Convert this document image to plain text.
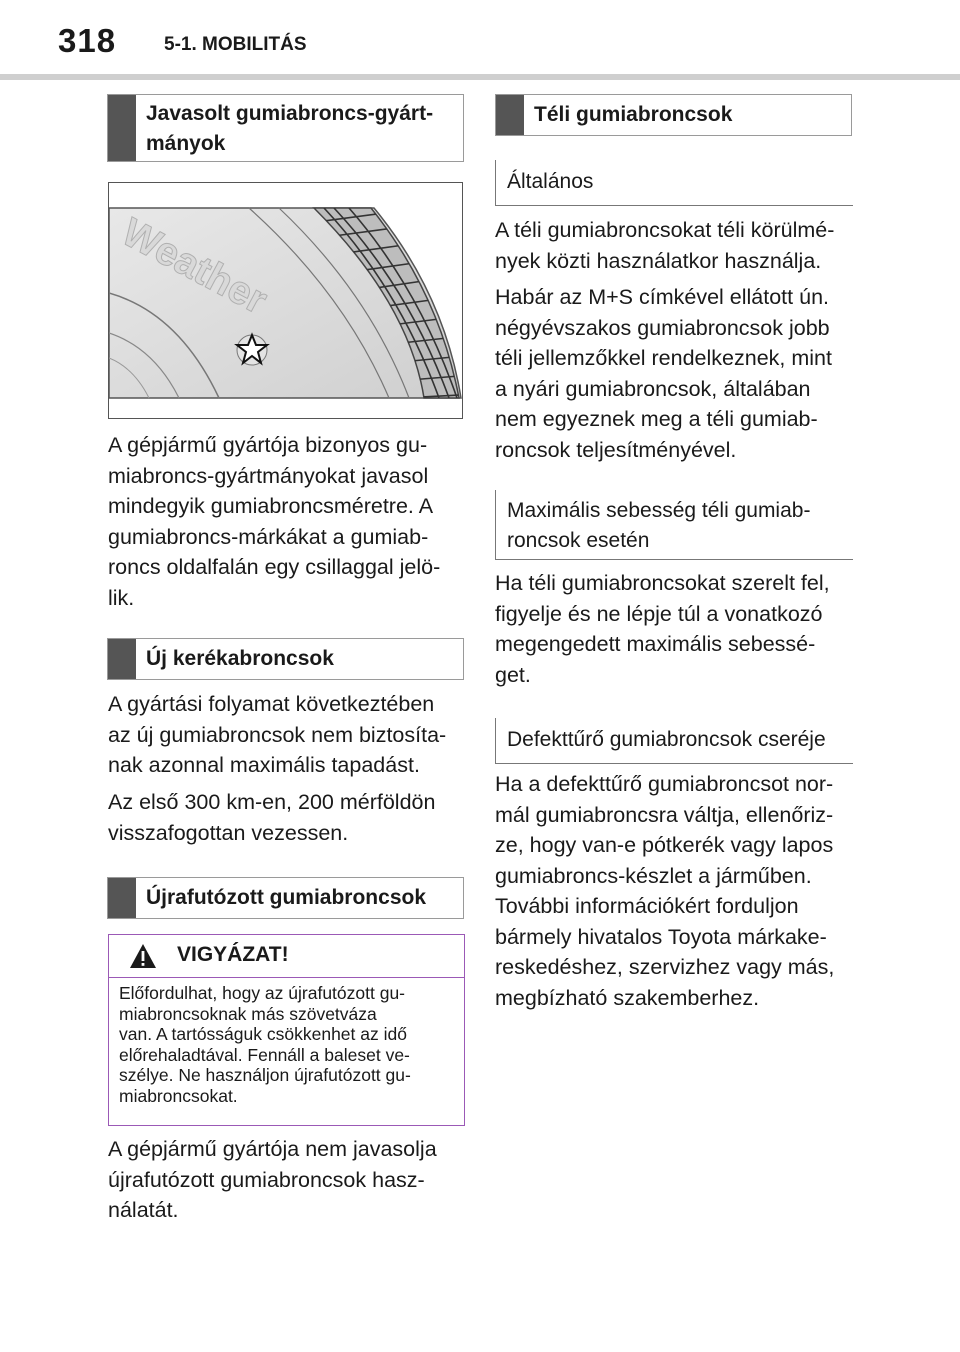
318	5-1. MOBILITÁS
Javasolt gumiabroncs-gyárt-
mányok
Weather
A gépjármű gyártója bizonyos gu-
miabroncs-gyártmányokat javasol
mindegyik gumiabroncsméretre. A
gumiabroncs-márkákat a gumiab-
roncs oldalfalán egy csillaggal jelö-
lik.
Új kerékabroncsok
A gyártási folyamat következtében
az új gumiabroncsok nem biztosíta-
nak azonnal maximális tapadást.
Az első 300 km-en, 200 mérföldön
visszafogottan vezessen.
Újrafutózott gumiabroncsok
VIGYÁZAT!
Előfordulhat, hogy az újrafutózott gu-
miabroncsoknak más szövetváza
van. A tartósságuk csökkenhet az idő
előrehaladtával. Fennáll a baleset ve-
szélye. Ne használjon újrafutózott gu-
miabroncsokat.
A gépjármű gyártója nem javasolja
újrafutózott gumiabroncsok hasz-
nálatát.
Téli gumiabroncsok
Általános
A téli gumiabroncsokat téli körülmé-
nyek közti használatkor használja.
Habár az M+S címkével ellátott ún.
négyévszakos gumiabroncsok jobb
téli jellemzőkkel rendelkeznek, mint
a nyári gumiabroncsok, általában
nem egyeznek meg a téli gumiab-
roncsok teljesítményével.
Maximális sebesség téli gumiab-
roncsok esetén
Ha téli gumiabroncsokat szerelt fel,
figyelje és ne lépje túl a vonatkozó
megengedett maximális sebessé-
get.
Defekttűrő gumiabroncsok cseréje
Ha a defekttűrő gumiabroncsot nor-
mál gumiabroncsra váltja, ellenőriz-
ze, hogy van-e pótkerék vagy lapos
gumiabroncs-készlet a járműben.
További információkért forduljon
bármely hivatalos Toyota márkake-
reskedéshez, szervizhez vagy más,
megbízható szakemberhez.
